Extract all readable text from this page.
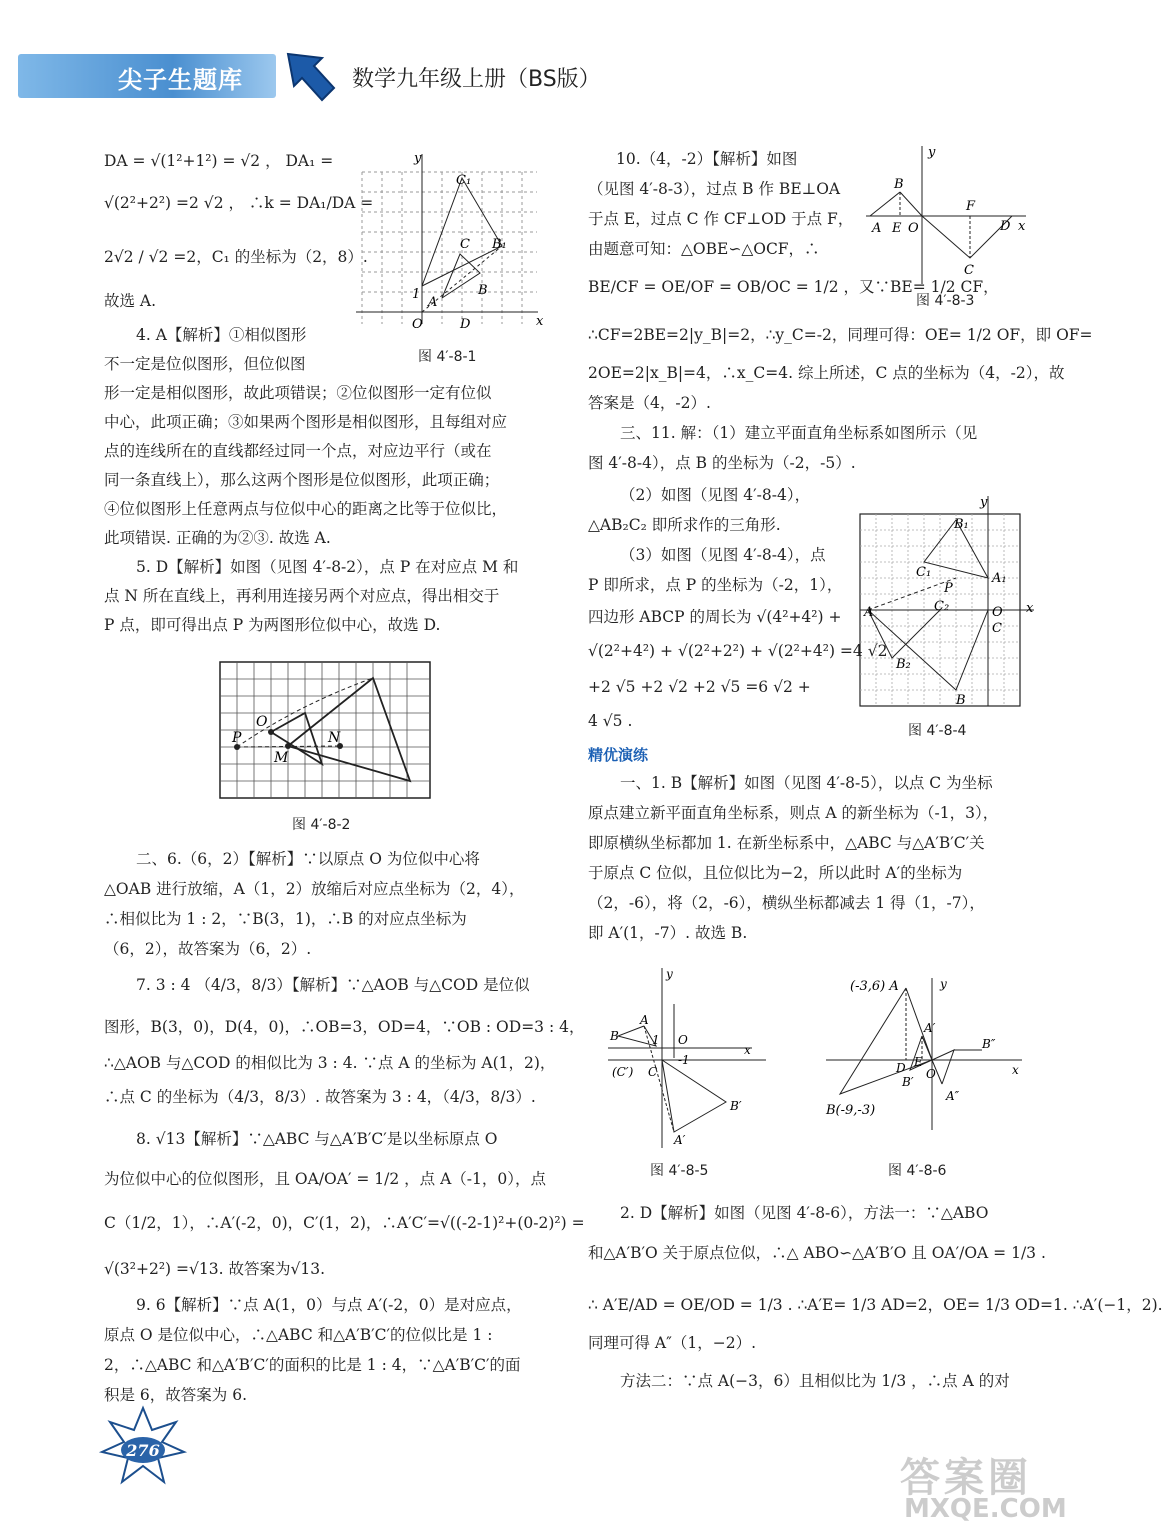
尖子生题库	数学九年级上册（BS版）
DA = √(1²+1²) = √2 ， DA₁ =
√(2²+2²) =2 √2 ， ∴k = DA₁/DA =
2√2 / √2 =2，C₁ 的坐标为（2，8）.
故选 A.
4. A【解析】①相似图形
不一定是位似图形，但位似图
形一定是相似图形，故此项错误；②位似图形一定有位似
中心，此项正确；③如果两个图形是相似图形，且每组对应
点的连线所在的直线都经过同一个点，对应边平行（或在
同一条直线上），那么这两个图形是位似图形，此项正确；
④位似图形上任意两点与位似中心的距离之比等于位似比，
此项错误. 正确的为②③. 故选 A.
5. D【解析】如图（见图 4′-8-2），点 P 在对应点 M 和
点 N 所在直线上，再利用连接另两个对应点，得出相交于
P 点，即可得出点 P 为两图形位似中心，故选 D.
二、6.（6，2）【解析】∵以原点 O 为位似中心将
△OAB 进行放缩，A（1，2）放缩后对应点坐标为（2，4），
∴相似比为 1 : 2，∵B(3，1)，∴B 的对应点坐标为
（6，2），故答案为（6，2）.
7. 3 : 4 （4/3，8/3）【解析】∵△AOB 与△COD 是位似
图形，B(3，0)，D(4，0)，∴OB=3，OD=4，∵OB : OD=3 : 4，
∴△AOB 与△COD 的相似比为 3 : 4. ∵点 A 的坐标为 A(1，2)，
∴点 C 的坐标为（4/3，8/3）. 故答案为 3 : 4，（4/3，8/3）.
8. √13【解析】∵△ABC 与△A′B′C′是以坐标原点 O
为位似中心的位似图形，且 OA/OA′ = 1/2 ，点 A（-1，0），点
C（1/2，1），∴A′(-2，0)，C′(1，2)，∴A′C′=√((-2-1)²+(0-2)²) =
√(3²+2²) =√13. 故答案为√13.
9. 6【解析】∵点 A(1，0）与点 A′(-2，0）是对应点，
原点 O 是位似中心，∴△ABC 和△A′B′C′的位似比是 1 :
2，∴△ABC 和△A′B′C′的面积的比是 1 : 4，∵△A′B′C′的面
积是 6，故答案为 6.
y
x
C₁
C B₁
A
B
1
O	D
图 4′-8-1
O
P
M
N
图 4′-8-2
10.（4，-2）【解析】如图
（见图 4′-8-3），过点 B 作 BE⊥OA
于点 E，过点 C 作 CF⊥OD 于点 F，
由题意可知：△OBE∽△OCF，∴
BE/CF = OE/OF = OB/OC = 1/2 ，又∵BE= 1/2 CF，
∴CF=2BE=2|y_B|=2，∴y_C=-2，同理可得：OE= 1/2 OF，即 OF=
2OE=2|x_B|=4，∴x_C=4. 综上所述，C 点的坐标为（4，-2），故
答案是（4，-2）.
三、11. 解：（1）建立平面直角坐标系如图所示（见
图 4′-8-4），点 B 的坐标为（-2，-5）.
（2）如图（见图 4′-8-4），
△AB₂C₂ 即所求作的三角形.
（3）如图（见图 4′-8-4），点
P 即所求，点 P 的坐标为（-2，1），
四边形 ABCP 的周长为 √(4²+4²) +
√(2²+4²) + √(2²+2²) + √(2²+4²) =4 √2
+2 √5 +2 √2 +2 √5 =6 √2 +
4 √5 .
精优演练
一、1. B【解析】如图（见图 4′-8-5），以点 C 为坐标
原点建立新平面直角坐标系，则点 A 的新坐标为（-1，3），
即原横纵坐标都加 1. 在新坐标系中，△ABC 与△A′B′C′关
于原点 C 位似，且位似比为−2，所以此时 A′的坐标为
（2，-6），将（2，-6），横纵坐标都减去 1 得（1，-7），
即 A′(1，-7）. 故选 B.
2. D【解析】如图（见图 4′-8-6），方法一：∵△ABO
和△A′B′O 关于原点位似，∴△ ABO∽△A′B′O 且 OA′/OA = 1/3 .
∴ A′E/AD = OE/OD = 1/3 . ∴A′E= 1/3 AD=2，OE= 1/3 OD=1. ∴A′(−1，2).
同理可得 A″（1，−2）.
方法二：∵点 A(−3，6）且相似比为 1/3 ，∴点 A 的对
y
x
B
A E O
F
D
C
图 4′-8-3
y
x
B₁
C₁	A₁
A	C₂
P
O
C
B₂
B
图 4′-8-4
y
x
A
B	1 O
-1
(C′) C
B′
A′
图 4′-8-5
y
x
(-3,6) A
A′
D E
B″
B′
O
A″
B(-9,-3)
图 4′-8-6
276
答案圈
MXQE.COM
